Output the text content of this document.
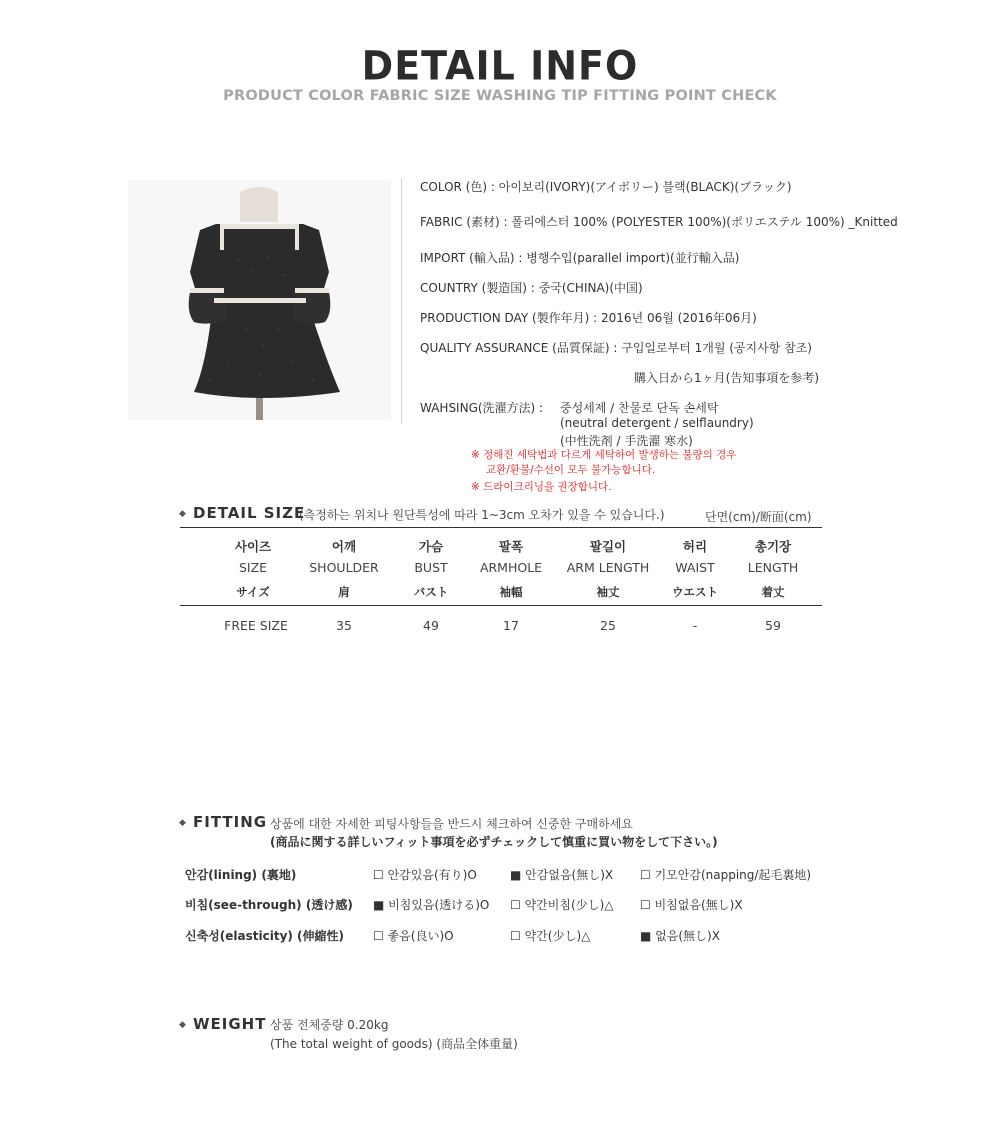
DETAIL INFO
PRODUCT COLOR FABRIC SIZE WASHING TIP FITTING POINT CHECK
COLOR (色) : 아이보리(IVORY)(アイボリー) 블랙(BLACK)(ブラック)
FABRIC (素材) : 폴리에스터 100% (POLYESTER 100%)(ポリエステル 100%) _Knitted
IMPORT (輸入品) : 병행수입(parallel import)(並行輸入品)
COUNTRY (製造国) : 중국(CHINA)(中国)
PRODUCTION DAY (製作年月) : 2016년 06월 (2016年06月)
QUALITY ASSURANCE (品質保証) : 구입일로부터 1개월 (공지사항 참조)
購入日から1ヶ月(告知事項を参考)
WAHSING(洗濯方法) : 중성세제 / 찬물로 단독 손세탁
(neutral detergent / selflaundry)
(中性洗剤 / 手洗濯 寒水)
※ 정해진 세탁법과 다르게 세탁하여 발생하는 불량의 경우
교환/환불/수선이 모두 불가능합니다.
※ 드라이크리닝을 권장합니다.
◆ DETAIL SIZE
(측정하는 위치나 원단특성에 따라 1~3cm 오차가 있을 수 있습니다.)	단면(cm)/断面(cm)
사이즈	어깨	가슴	팔폭	팔길이	허리	총기장
SIZE	SHOULDER	BUST	ARMHOLE	ARM LENGTH	WAIST	LENGTH
サイズ	肩	バスト	袖幅	袖丈	ウエスト	着丈
FREE SIZE	35	49	17	25	-	59
◆ FITTING 상품에 대한 자세한 피팅사항들을 반드시 체크하여 신중한 구매하세요
(商品に関する詳しいフィット事項を必ずチェックして慎重に買い物をして下さい。)
안감(lining) (裏地)	☐ 안감있음(有り)O	■ 안감없음(無し)X ☐ 기모안감(napping/起毛裏地)
비침(see-through) (透け感) ■ 비침있음(透ける)O ☐ 약간비침(少し)△ ☐ 비침없음(無し)X
신축성(elasticity) (伸縮性) ☐ 좋음(良い)O	☐ 약간(少し)△	■ 없음(無し)X
◆ WEIGHT 상품 전체중량 0.20kg
(The total weight of goods) (商品全体重量)
